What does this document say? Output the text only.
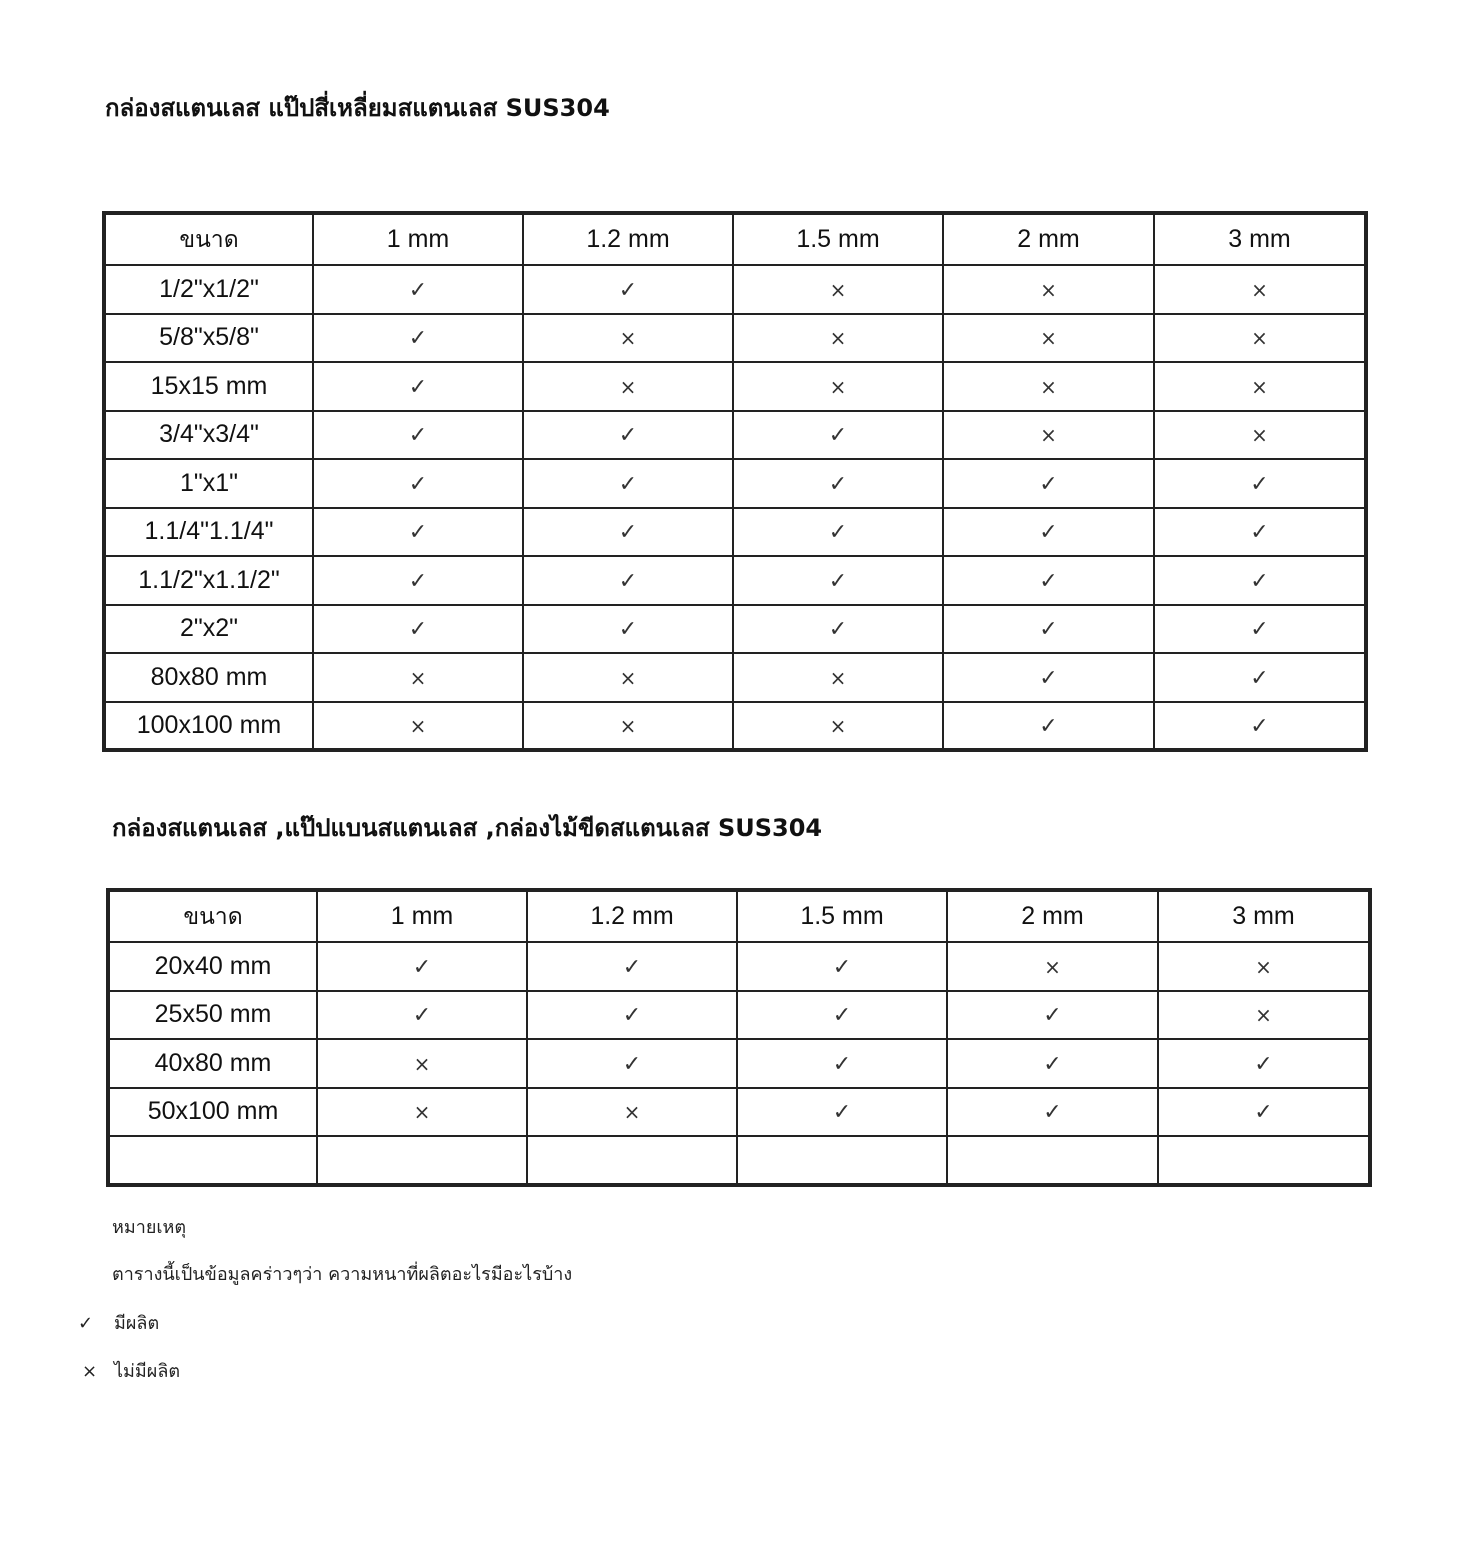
กล่องสแตนเลส แป๊ปสี่เหลี่ยมสแตนเลส SUS304
ขนาด	1 mm	1.2 mm	1.5 mm	2 mm	3 mm
1/2"x1/2"	✓	✓	×	×	×
5/8"x5/8"	✓	×	×	×	×
15x15 mm	✓	×	×	×	×
3/4"x3/4"	✓	✓	✓	×	×
1"x1"	✓	✓	✓	✓	✓
1.1/4"1.1/4"	✓	✓	✓	✓	✓
1.1/2"x1.1/2"	✓	✓	✓	✓	✓
2"x2"	✓	✓	✓	✓	✓
80x80 mm	×	×	×	✓	✓
100x100 mm	×	×	×	✓	✓
กล่องสแตนเลส ,แป๊ปแบนสแตนเลส ,กล่องไม้ขีดสแตนเลส SUS304
ขนาด	1 mm	1.2 mm	1.5 mm	2 mm	3 mm
20x40 mm	✓	✓	✓	×	×
25x50 mm	✓	✓	✓	✓	×
40x80 mm	×	✓	✓	✓	✓
50x100 mm	×	×	✓	✓	✓

หมายเหตุ
ตารางนี้เป็นข้อมูลคร่าวๆว่า ความหนาที่ผลิตอะไรมีอะไรบ้าง
✓ มีผลิต
× ไม่มีผลิต
